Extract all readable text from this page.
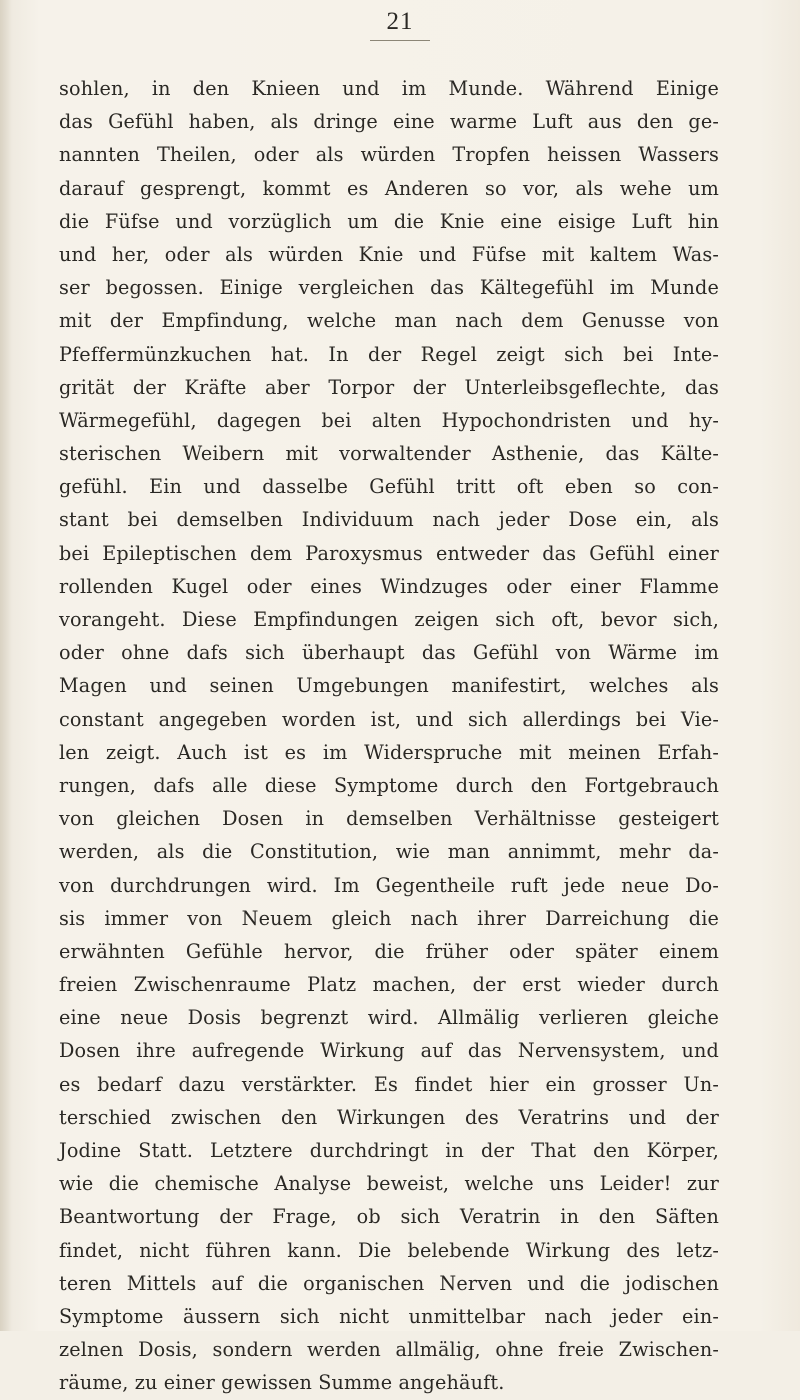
21
sohlen, in den Knieen und im Munde. Während Einige
das Gefühl haben, als dringe eine warme Luft aus den ge-
nannten Theilen, oder als würden Tropfen heissen Wassers
darauf gesprengt, kommt es Anderen so vor, als wehe um
die Füfse und vorzüglich um die Knie eine eisige Luft hin
und her, oder als würden Knie und Füfse mit kaltem Was-
ser begossen. Einige vergleichen das Kältegefühl im Munde
mit der Empfindung, welche man nach dem Genusse von
Pfeffermünzkuchen hat. In der Regel zeigt sich bei Inte-
grität der Kräfte aber Torpor der Unterleibsgeflechte, das
Wärmegefühl, dagegen bei alten Hypochondristen und hy-
sterischen Weibern mit vorwaltender Asthenie, das Kälte-
gefühl. Ein und dasselbe Gefühl tritt oft eben so con-
stant bei demselben Individuum nach jeder Dose ein, als
bei Epileptischen dem Paroxysmus entweder das Gefühl einer
rollenden Kugel oder eines Windzuges oder einer Flamme
vorangeht. Diese Empfindungen zeigen sich oft, bevor sich,
oder ohne dafs sich überhaupt das Gefühl von Wärme im
Magen und seinen Umgebungen manifestirt, welches als
constant angegeben worden ist, und sich allerdings bei Vie-
len zeigt. Auch ist es im Widerspruche mit meinen Erfah-
rungen, dafs alle diese Symptome durch den Fortgebrauch
von gleichen Dosen in demselben Verhältnisse gesteigert
werden, als die Constitution, wie man annimmt, mehr da-
von durchdrungen wird. Im Gegentheile ruft jede neue Do-
sis immer von Neuem gleich nach ihrer Darreichung die
erwähnten Gefühle hervor, die früher oder später einem
freien Zwischenraume Platz machen, der erst wieder durch
eine neue Dosis begrenzt wird. Allmälig verlieren gleiche
Dosen ihre aufregende Wirkung auf das Nervensystem, und
es bedarf dazu verstärkter. Es findet hier ein grosser Un-
terschied zwischen den Wirkungen des Veratrins und der
Jodine Statt. Letztere durchdringt in der That den Körper,
wie die chemische Analyse beweist, welche uns Leider! zur
Beantwortung der Frage, ob sich Veratrin in den Säften
findet, nicht führen kann. Die belebende Wirkung des letz-
teren Mittels auf die organischen Nerven und die jodischen
Symptome äussern sich nicht unmittelbar nach jeder ein-
zelnen Dosis, sondern werden allmälig, ohne freie Zwischen-
räume, zu einer gewissen Summe angehäuft.
